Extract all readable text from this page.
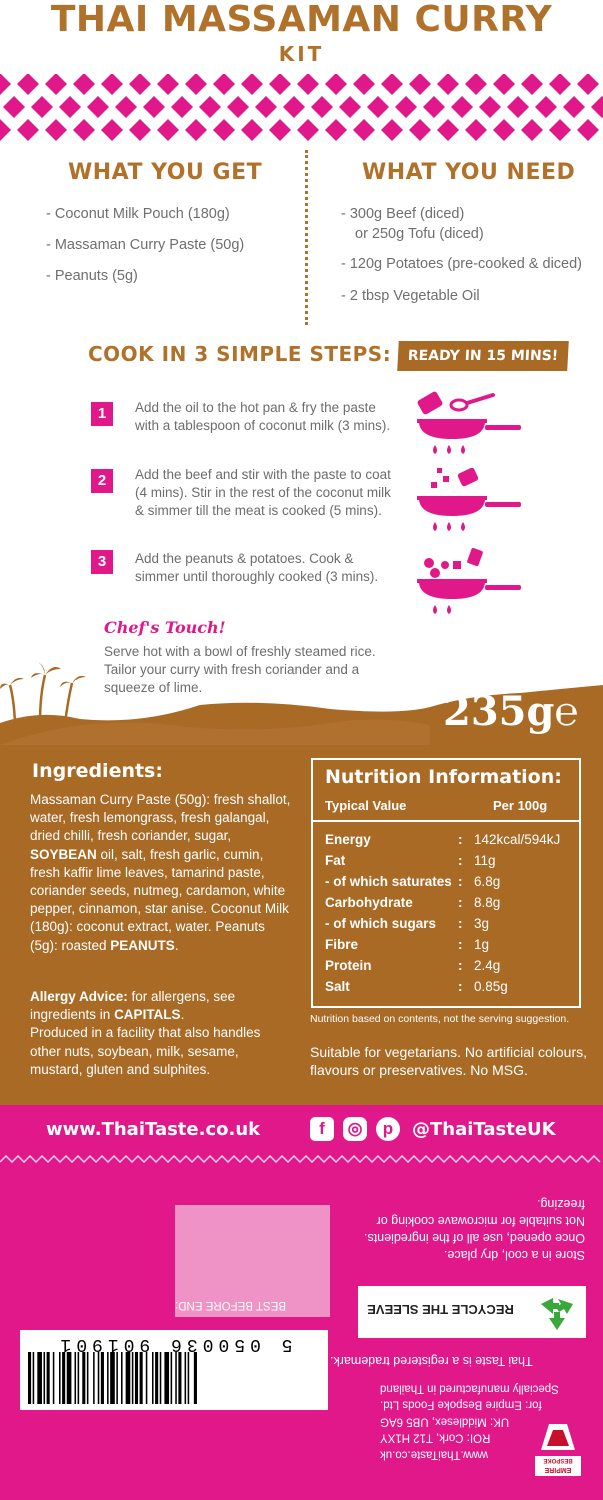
THAI MASSAMAN CURRY
KIT
WHAT YOU GET
- Coconut Milk Pouch (180g)
- Massaman Curry Paste (50g)
- Peanuts (5g)
WHAT YOU NEED
- 300g Beef (diced)
or 250g Tofu (diced)
- 120g Potatoes (pre-cooked & diced)
- 2 tbsp Vegetable Oil
COOK IN 3 SIMPLE STEPS:	READY IN 15 MINS!
1	Add the oil to the hot pan & fry the paste
with a tablespoon of coconut milk (3 mins).
2	Add the beef and stir with the paste to coat
(4 mins). Stir in the rest of the coconut milk
& simmer till the meat is cooked (5 mins).
3	Add the peanuts & potatoes. Cook &
simmer until thoroughly cooked (3 mins).
Chef's Touch!
Serve hot with a bowl of freshly steamed rice.
Tailor your curry with fresh coriander and a
squeeze of lime.
235g℮
Ingredients:
Massaman Curry Paste (50g): fresh shallot, water, fresh lemongrass, fresh galangal, dried chilli, fresh coriander, sugar, SOYBEAN oil, salt, fresh garlic, cumin, fresh kaffir lime leaves, tamarind paste, coriander seeds, nutmeg, cardamon, white pepper, cinnamon, star anise. Coconut Milk (180g): coconut extract, water. Peanuts (5g): roasted PEANUTS.
Allergy Advice: for allergens, see ingredients in CAPITALS.
Produced in a facility that also handles other nuts, soybean, milk, sesame, mustard, gluten and sulphites.
Nutrition Information:
Typical Value	Per 100g
Energy	: 142kcal/594kJ
Fat	: 11g
- of which saturates : 6.8g
Carbohydrate	: 8.8g
- of which sugars : 3g
Fibre	: 1g
Protein	: 2.4g
Salt	: 0.85g
Nutrition based on contents, not the serving suggestion.
Suitable for vegetarians. No artificial colours, flavours or preservatives. No MSG.
www.ThaiTaste.co.uk	f	◎	p	@ThaiTasteUK
BEST BEFORE END:
5 050036 901901
Store in a cool, dry place.
Once opened, use all of the ingredients.
Not suitable for microwave cooking or
freezing.
RECYCLE THE SLEEVE
Thai Taste is a registered trademark.
www.ThaiTaste.co.uk
ROI: Cork, T12 H1XY
UK: Middlesex, UB5 6AG
for: Empire Bespoke Foods Ltd.
Specially manufactured in Thailand
EMPIRE
BESPOKE
